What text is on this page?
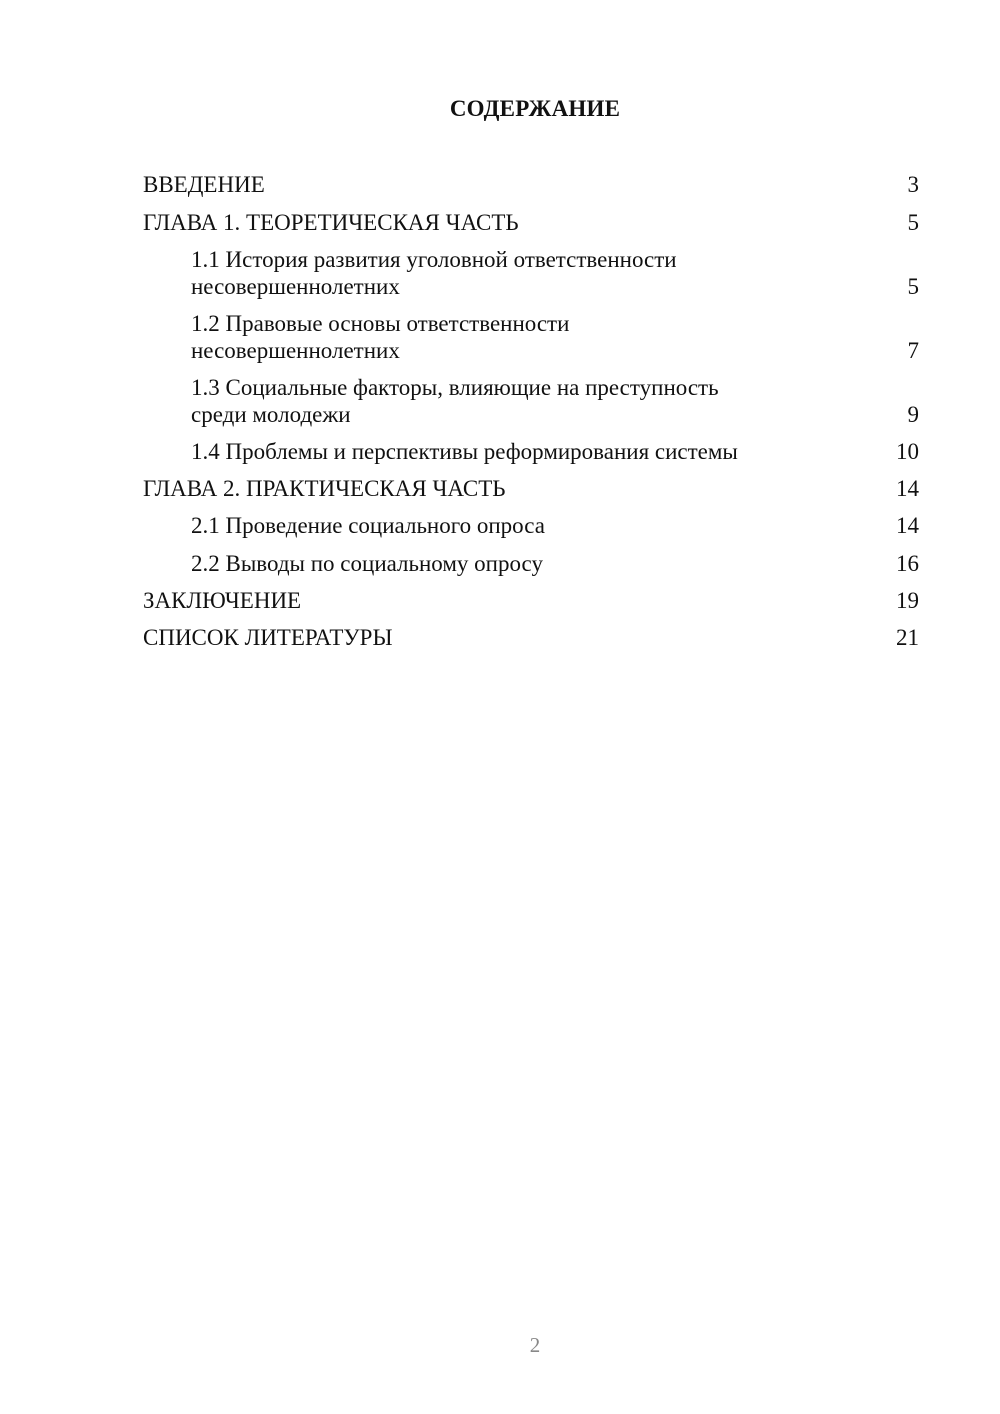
СОДЕРЖАНИЕ
ВВЕДЕНИЕ	3
ГЛАВА 1. ТЕОРЕТИЧЕСКАЯ ЧАСТЬ	5
1.1 История развития уголовной ответственности несовершеннолетних	5
1.2 Правовые основы ответственности несовершеннолетних	7
1.3 Социальные факторы, влияющие на преступность среди молодежи	9
1.4 Проблемы и перспективы реформирования системы	10
ГЛАВА 2. ПРАКТИЧЕСКАЯ ЧАСТЬ	14
2.1 Проведение социального опроса	14
2.2 Выводы по социальному опросу	16
ЗАКЛЮЧЕНИЕ	19
СПИСОК ЛИТЕРАТУРЫ	21
2
